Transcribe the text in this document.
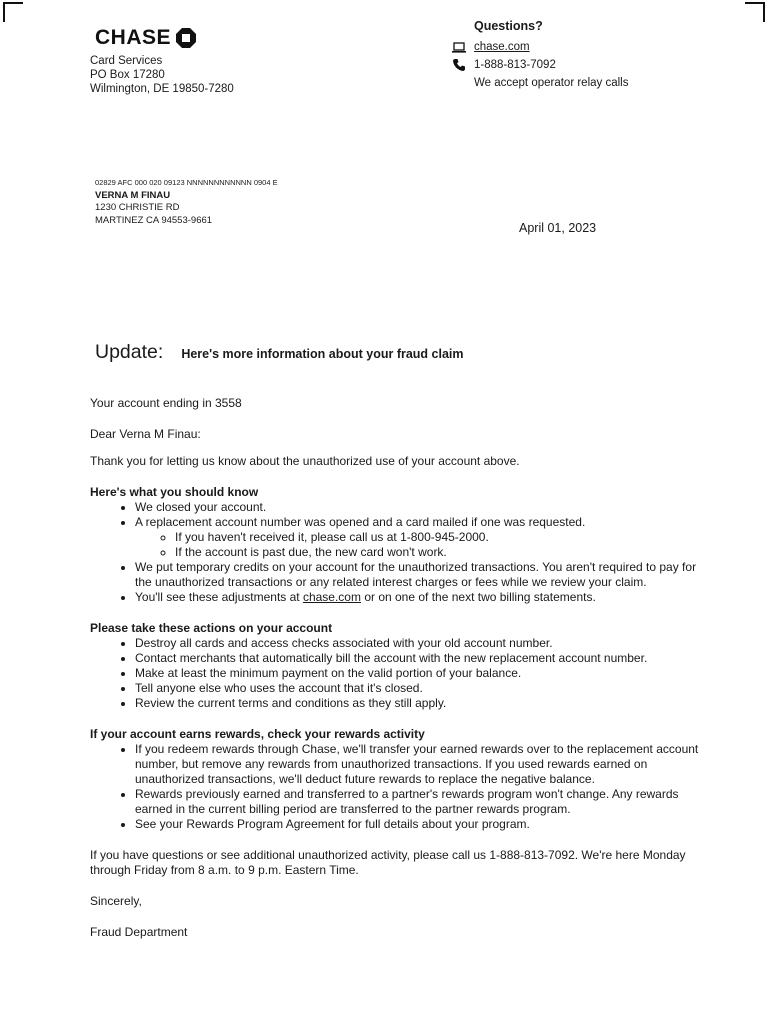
CHASE
Card Services
PO Box 17280
Wilmington, DE 19850-7280
Questions?
chase.com
1-888-813-7092
We accept operator relay calls
02829 AFC 000 020 09123 NNNNNNNNNNNN 0904 E
VERNA M FINAU
1230 CHRISTIE RD
MARTINEZ CA 94553-9661
April 01, 2023
Update: Here's more information about your fraud claim

Your account ending in 3558

Dear Verna M Finau:

Thank you for letting us know about the unauthorized use of your account above.

Here's what you should know

• We closed your account.
• A replacement account number was opened and a card mailed if one was requested.
◦ If you haven't received it, please call us at 1-800-945-2000.
◦ If the account is past due, the new card won't work.
• We put temporary credits on your account for the unauthorized transactions. You aren't required to pay for the unauthorized transactions or any related interest charges or fees while we review your claim.
• You'll see these adjustments at chase.com or on one of the next two billing statements.

Please take these actions on your account

• Destroy all cards and access checks associated with your old account number.
• Contact merchants that automatically bill the account with the new replacement account number.
• Make at least the minimum payment on the valid portion of your balance.
• Tell anyone else who uses the account that it's closed.
• Review the current terms and conditions as they still apply.

If your account earns rewards, check your rewards activity

• If you redeem rewards through Chase, we'll transfer your earned rewards over to the replacement account number, but remove any rewards from unauthorized transactions. If you used rewards earned on unauthorized transactions, we'll deduct future rewards to replace the negative balance.
• Rewards previously earned and transferred to a partner's rewards program won't change. Any rewards earned in the current billing period are transferred to the partner rewards program.
• See your Rewards Program Agreement for full details about your program.

If you have questions or see additional unauthorized activity, please call us 1-888-813-7092. We're here Monday through Friday from 8 a.m. to 9 p.m. Eastern Time.

Sincerely,

Fraud Department
